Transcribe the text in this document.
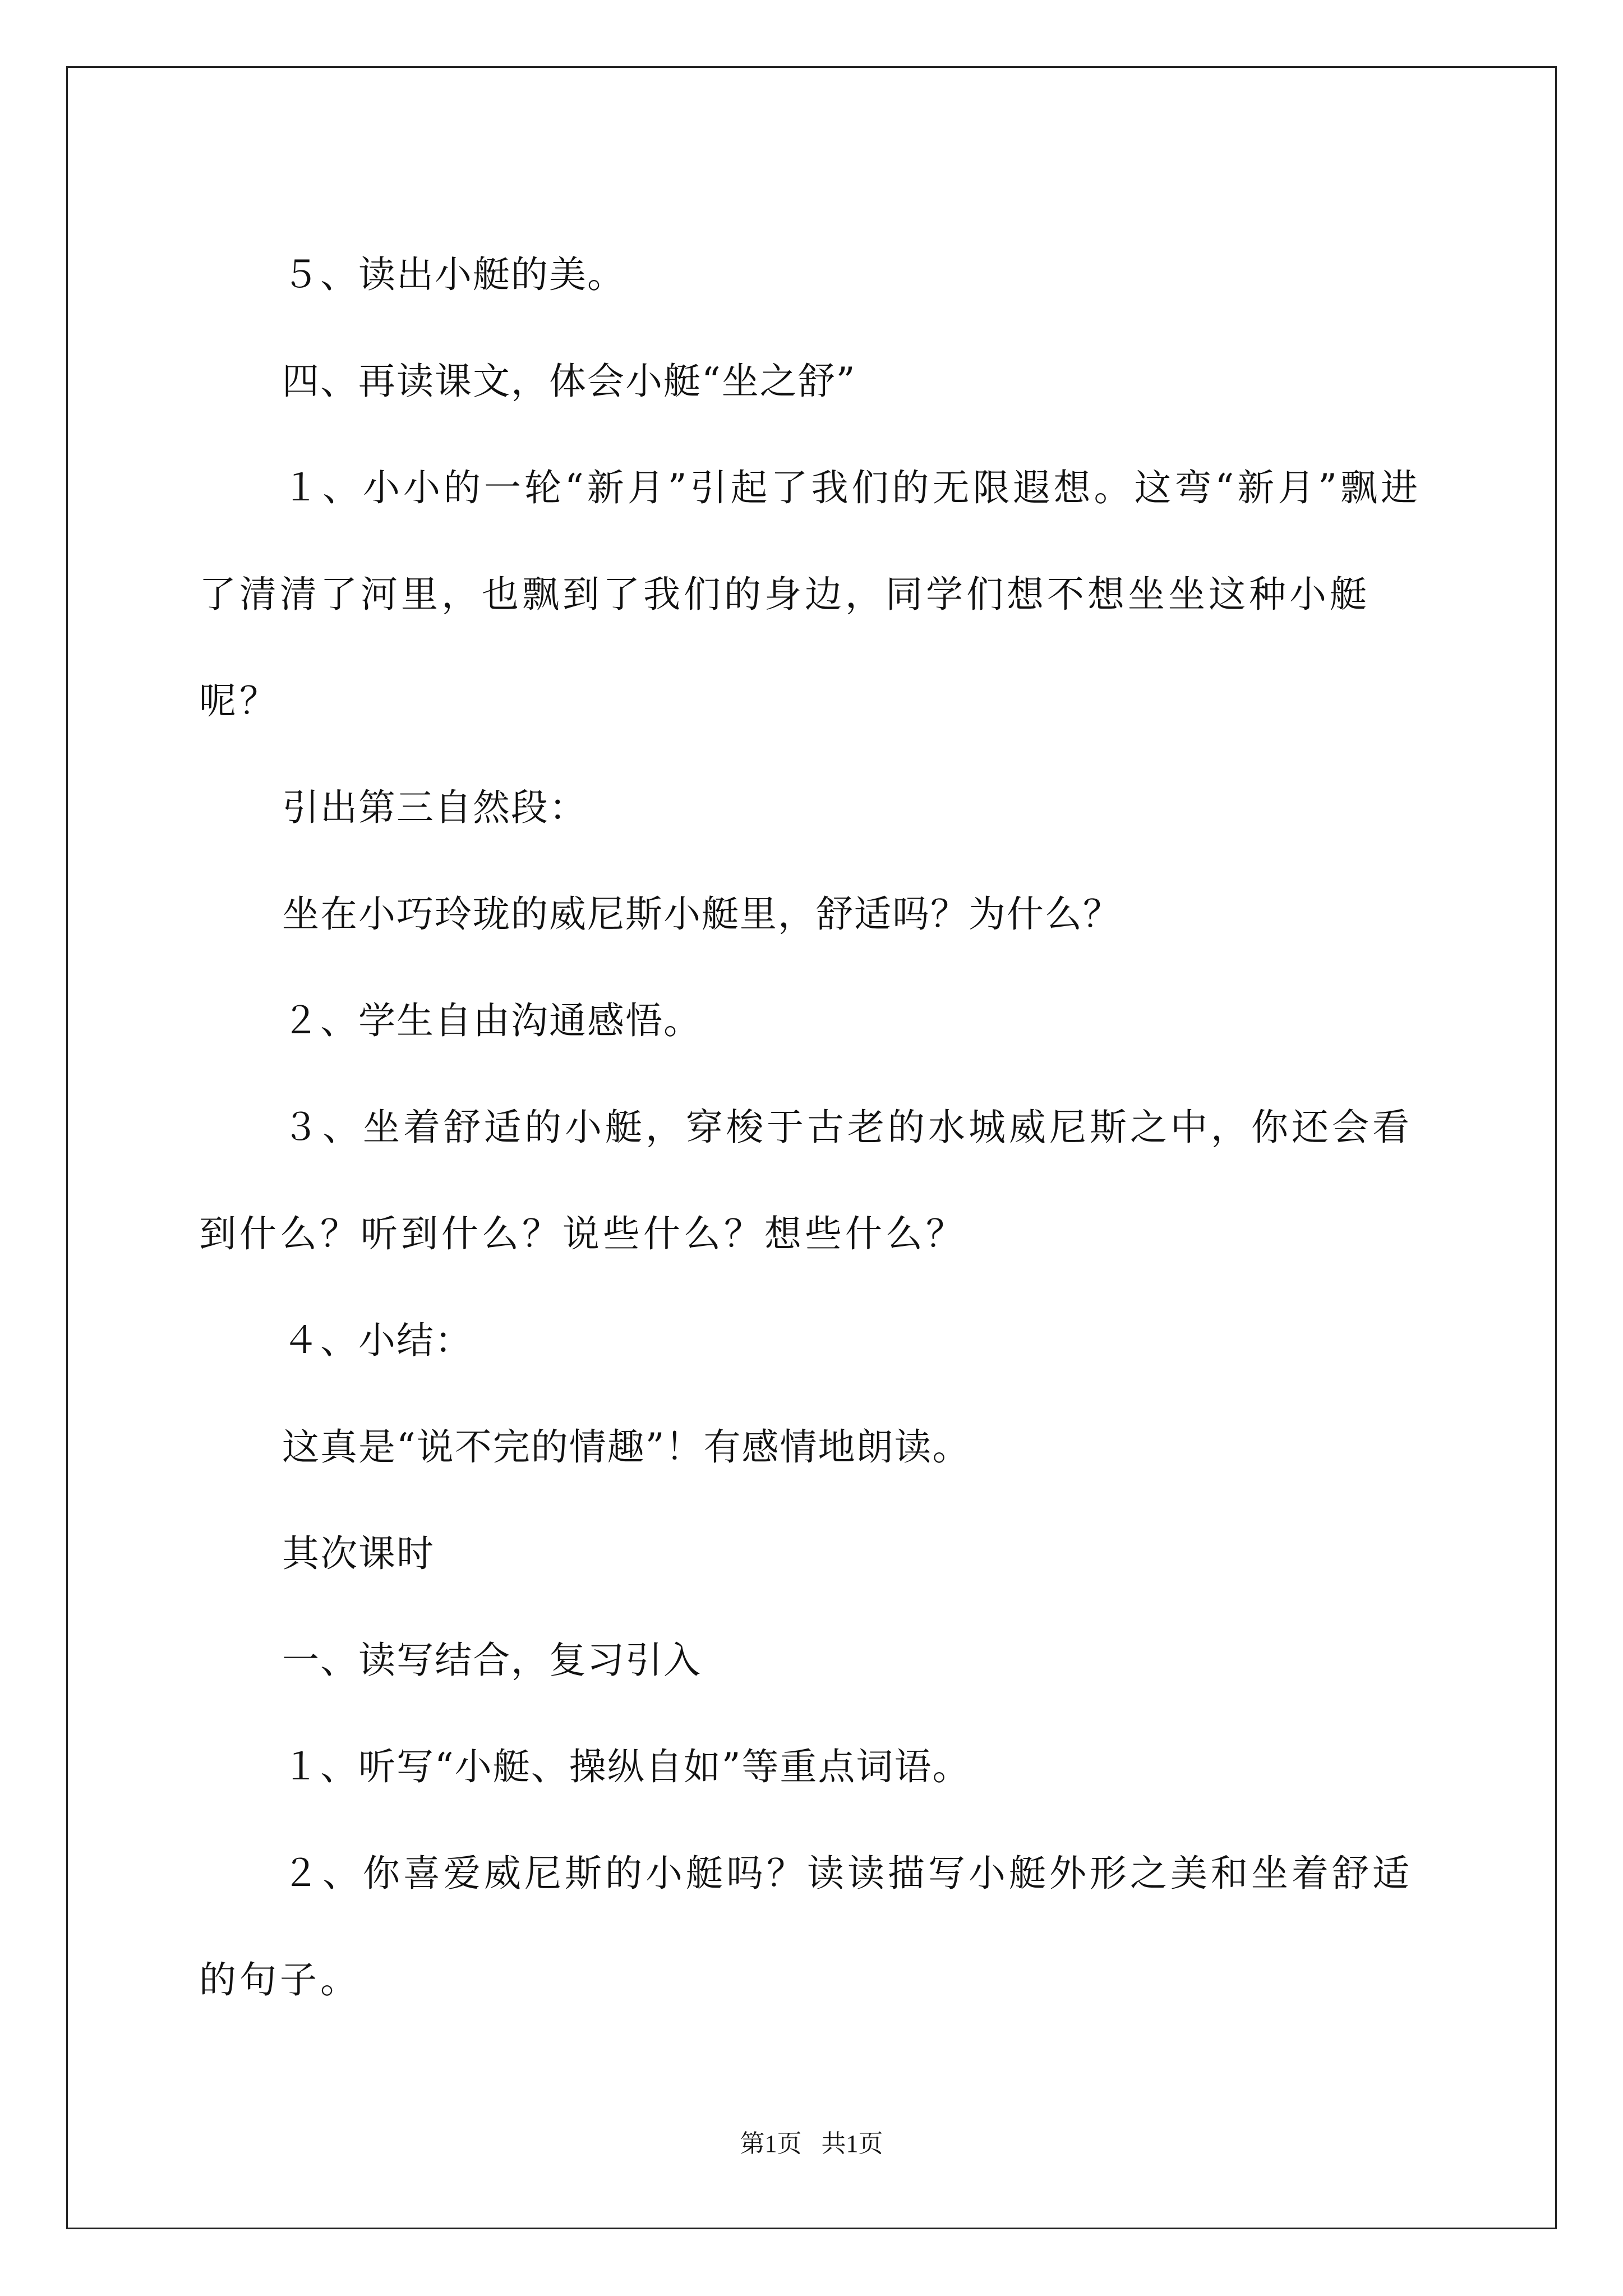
５、读出小艇的美。

四、再读课文，体会小艇“坐之舒”

１、小小的一轮“新月”引起了我们的无限遐想。这弯“新月”飘进了清清了河里，也飘到了我们的身边，同学们想不想坐坐这种小艇呢？

引出第三自然段：

坐在小巧玲珑的威尼斯小艇里，舒适吗？为什么？

２、学生自由沟通感悟。

３、坐着舒适的小艇，穿梭于古老的水城威尼斯之中，你还会看到什么？听到什么？说些什么？想些什么？

４、小结：

这真是“说不完的情趣”！有感情地朗读。

其次课时

一、读写结合，复习引入

１、听写“小艇、操纵自如”等重点词语。

２、你喜爱威尼斯的小艇吗？读读描写小艇外形之美和坐着舒适的句子。

第1页 共1页
